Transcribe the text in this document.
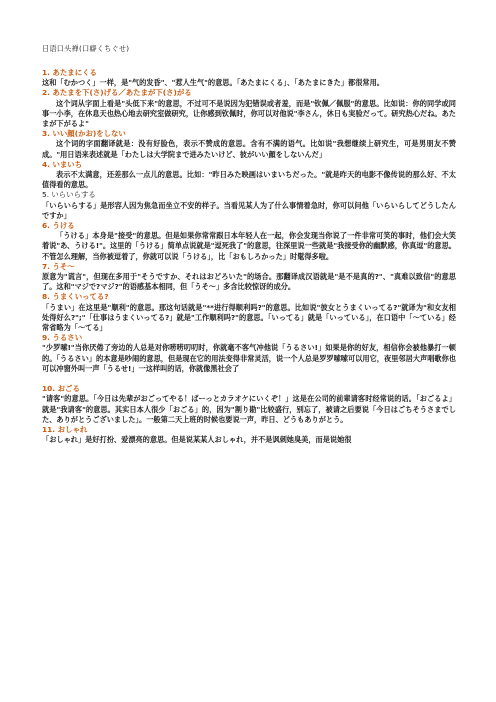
日语口头禅(口癖くちぐせ)
1. あたまにくる
这和「むかつく」一样，是"气的发昏"、"惹人生气"的意思。「あたまにくる」、「あたまにきた」都很常用。
2. あたまを下(さ)げる／あたまが下(さ)がる
这个词从字面上看是"头低下来"的意思，不过可不是说因为犯错误或者羞，而是"钦佩／佩服"的意思。比如说：你的同学或同事一小李，在休息天也热心地去研究室做研究，让你感到钦佩时，你可以对他说"李さん，休日も実验だって。研究热心だね。あたまが下がるよ"
3. いい顔(かお)をしない
这个词的字面翻译就是：没有好脸色，表示不赞成的意思。含有不满的语气。比如说"我想继续上研究生，可是男朋友不赞成。"用日语来表述就是「わたしは大学院まで进みたいけど、彼がいい顔をしないんだ」
4. いまいち
表示不太满意，还差那么一点儿的意思。比如："昨日みた映画はいまいちだった。"就是昨天的电影不像传说的那么好、不太值得看的意思。
5. いらいらする
「いらいらする」是形容人因为焦急而坐立不安的样子。当看见某人为了什么事情着急时，你可以问他「いらいらしてどうしたんですか」
6. うける
「うける」本身是"接受"的意思。但是如果你常常跟日本年轻人在一起，你会发现当你说了一件非常可笑的事时，他们会大笑着说"あ、うける!"。这里的「うける」简单点说就是"逗死我了"的意思，往深里说一些就是"我接受你的幽默感，你真逗"的意思。不管怎么理解，当你被逗着了，你就可以说「うける」，比「おもしろかった」时髦得多啦。
7. うそ～
原意为"谎言"，但现在多用于"そうですか、それはおどろいた"的场合。那翻译成汉语就是"是不是真的?"、"真难以致信"的意思了。这和"マジで?マジ?"的语感基本相同，但「うそ～」多含比较惊讶的成分。
8. うまくいってる?
「うまい」在这里是"顺利"的意思。那这句话就是"**进行得顺利吗?"的意思。比如说"彼女とうまくいってる?"就译为"和女友相处得好么?";"「仕事はうまくいってる?」就是"工作顺利吗?"的意思。「いってる」就是「いっている」，在口语中「～ている」经常省略为「～てる」
9. うるさい
"少罗嗦!"当你厌倦了旁边的人总是对你唠唠叨叨时，你就毫不客气冲他说「うるさい!」如果是你的好友，相信你会被他暴打一顿的。「うるさい」的本意是吵闹的意思，但是现在它的用法变得非常灵活，说一个人总是罗罗嗦嗦可以用它，夜里邻居大声唱歌你也可以冲窗外叫一声「うるせ!」一这样叫的话，你就像黑社会了
10. おごる
"请客"的意思。「今日は先辈がおごってやる！ぱーっとカラオケにいくぞ！」这是在公司的前辈请客时经常说的话。「おごるよ」就是"我请客"的意思。其实日本人很少「おごる」的，因为"割り勘"比较盛行，别忘了，被请之后要说「今日はごちそうさまでした、ありがとうございました」。一般第二天上班的时候也要说一声，昨日、どうもありがとう。
11. おしゃれ
「おしゃれ」是好打扮、爱漂亮的意思。但是说某某人おしゃれ，并不是讽刺她臭美，而是说她很
